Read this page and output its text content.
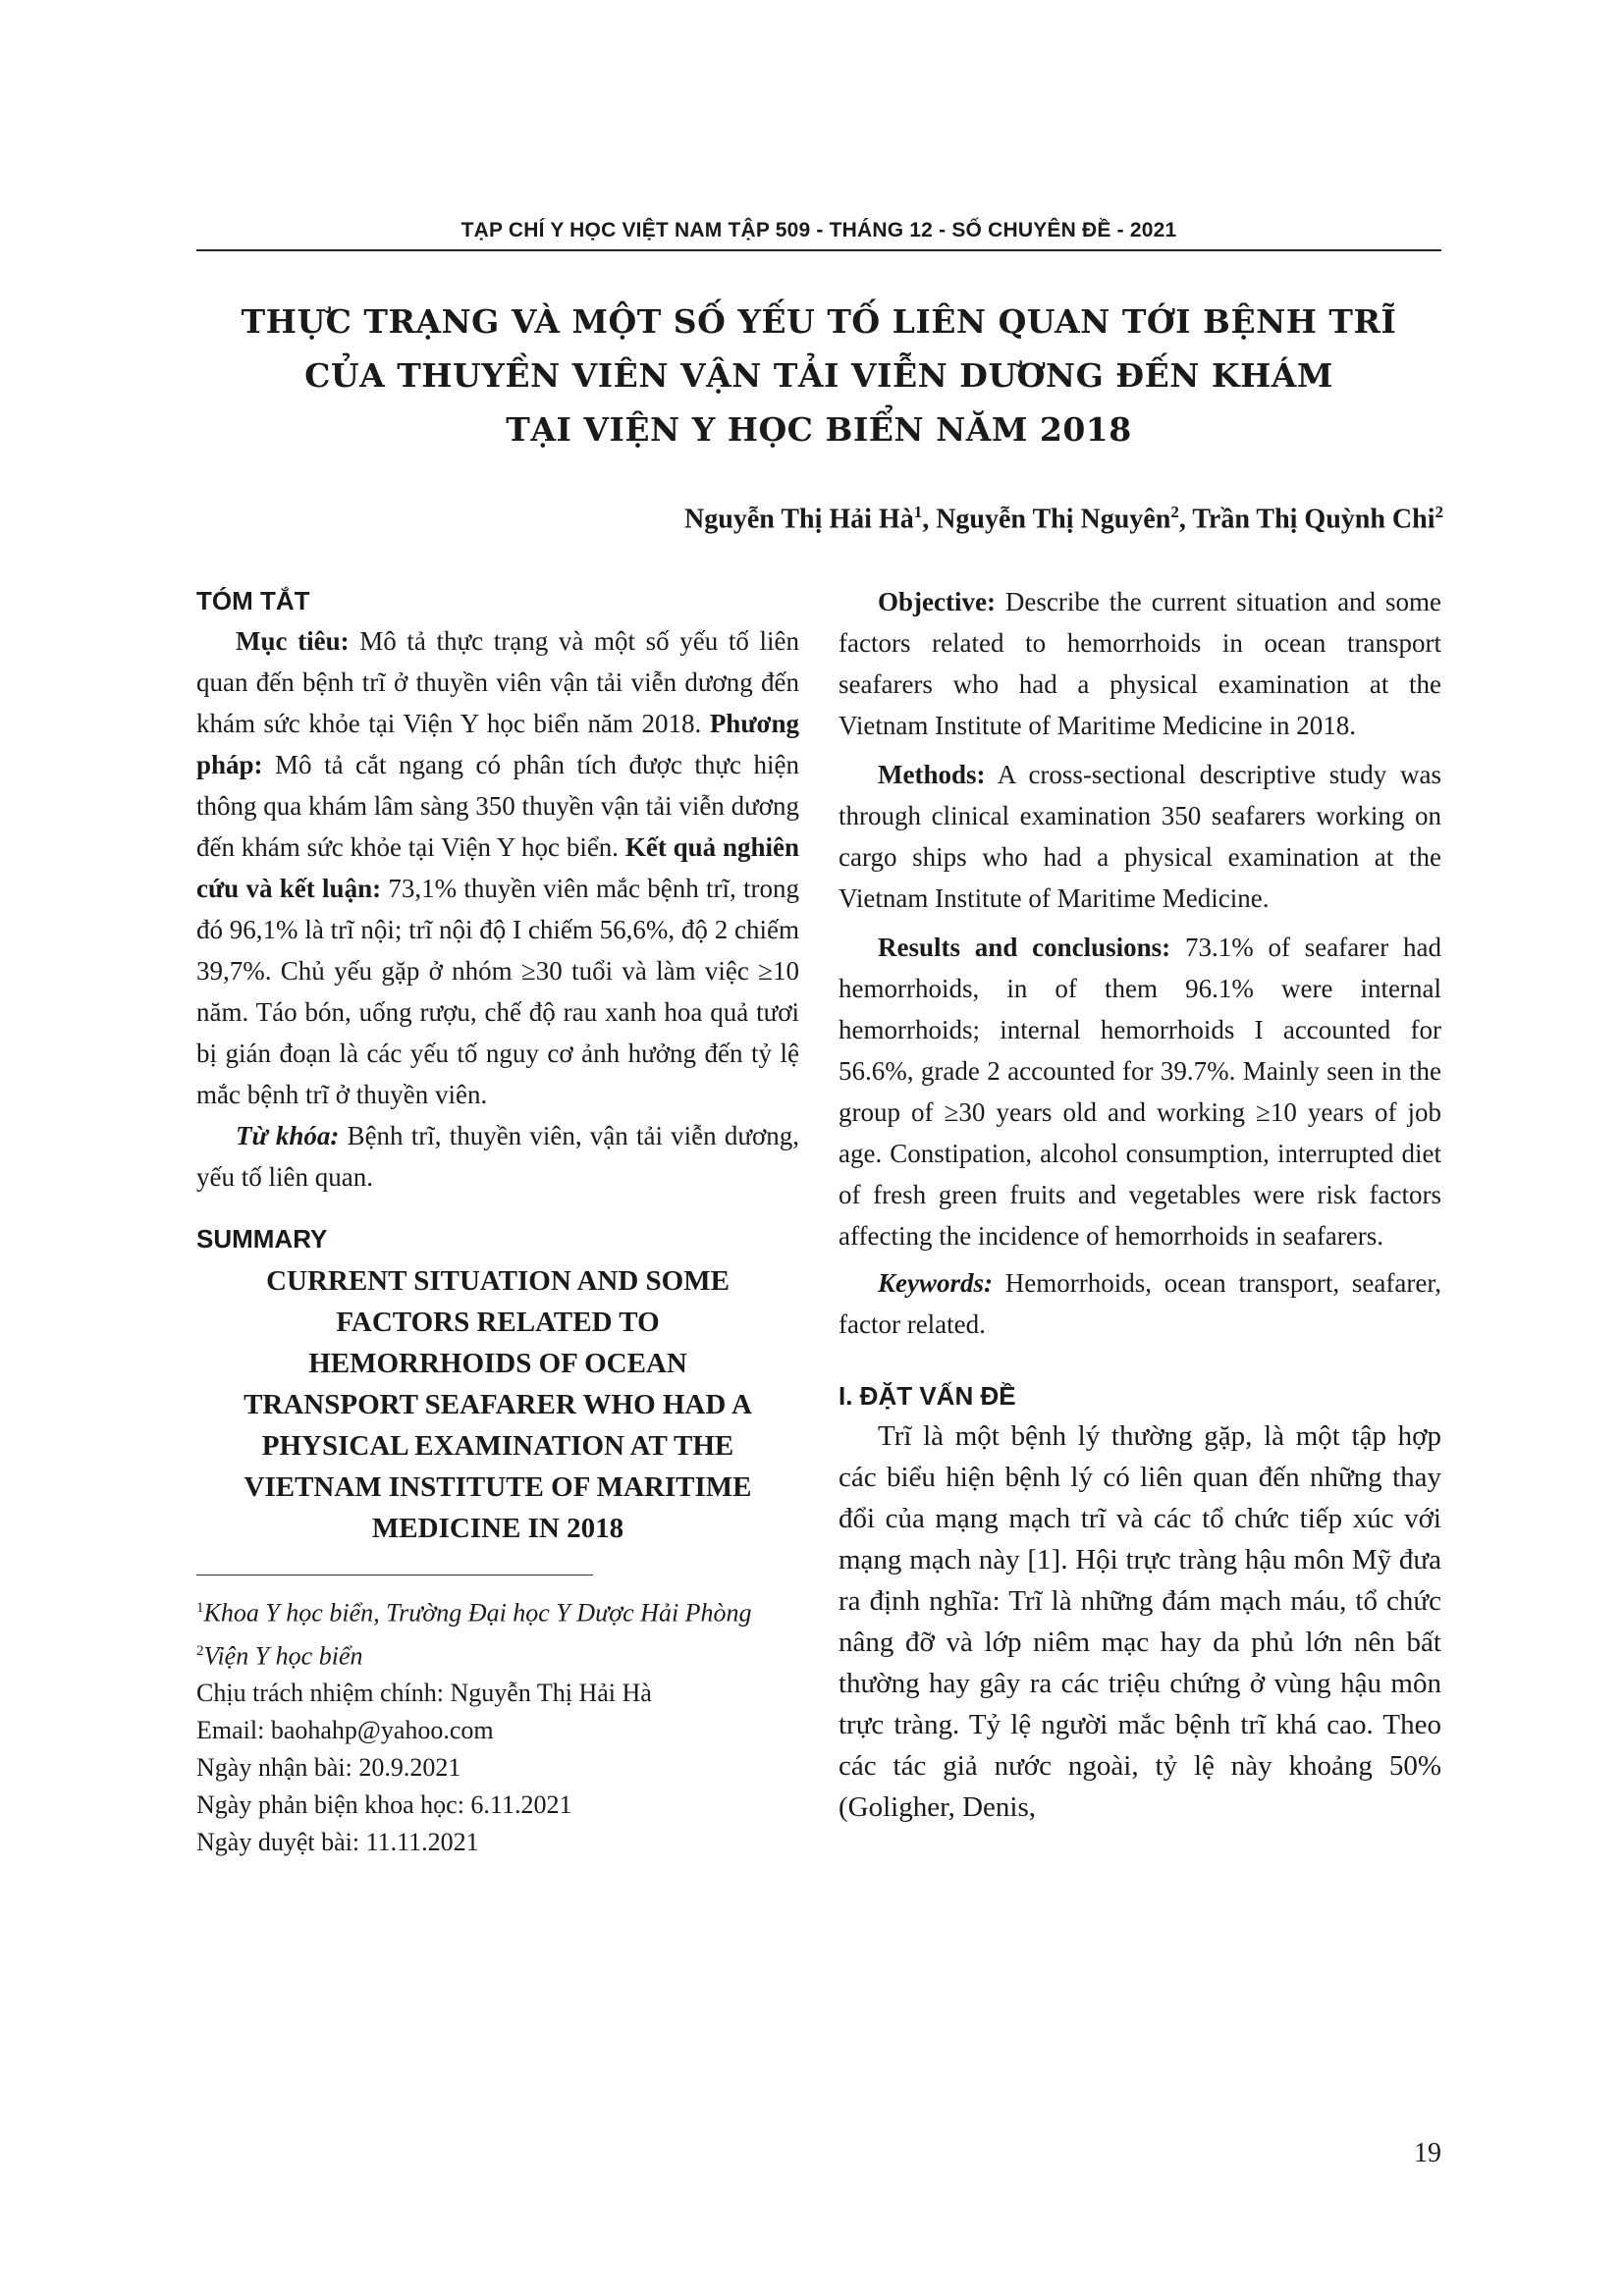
TẠP CHÍ Y HỌC VIỆT NAM TẬP 509 - THÁNG 12 - SỐ CHUYÊN ĐỀ - 2021
THỰC TRẠNG VÀ MỘT SỐ YẾU TỐ LIÊN QUAN TỚI BỆNH TRĨ
CỦA THUYỀN VIÊN VẬN TẢI VIỄN DƯƠNG ĐẾN KHÁM
TẠI VIỆN Y HỌC BIỂN NĂM 2018
Nguyễn Thị Hải $Hà^1$, Nguyễn Thị Nguyên$^2$, Trần Thị Quỳnh Chi$^2$
TÓM TẮT

Mục tiêu: Mô tả thực trạng và một số yếu tố liên quan đến bệnh trĩ ở thuyền viên vận tải viễn dương đến khám sức khỏe tại Viện Y học biển năm 2018. Phương pháp: Mô tả cắt ngang có phân tích được thực hiện thông qua khám lâm sàng 350 thuyền vận tải viễn dương đến khám sức khỏe tại Viện Y học biển. Kết quả nghiên cứu và kết luận: 73,1% thuyền viên mắc bệnh trĩ, trong đó 96,1% là trĩ nội; trĩ nội độ I chiếm 56,6%, độ 2 chiếm 39,7%. Chủ yếu gặp ở nhóm ≥30 tuổi và làm việc ≥10 năm. Táo bón, uống rượu, chế độ rau xanh hoa quả tươi bị gián đoạn là các yếu tố nguy cơ ảnh hưởng đến tỷ lệ mắc bệnh trĩ ở thuyền viên.

Từ khóa: Bệnh trĩ, thuyền viên, vận tải viễn dương, yếu tố liên quan.

SUMMARY
CURRENT SITUATION AND SOME
FACTORS RELATED TO
HEMORRHOIDS OF OCEAN
TRANSPORT SEAFARER WHO HAD A
PHYSICAL EXAMINATION AT THE
VIETNAM INSTITUTE OF MARITIME
MEDICINE IN 2018
$^1$Khoa Y học biển, Trường Đại học Y Dược Hải Phòng
$^2$Viện Y học biển
Chịu trách nhiệm chính: Nguyễn Thị Hải Hà
Email: baohahp@yahoo.com
Ngày nhận bài: 20.9.2021
Ngày phản biện khoa học: 6.11.2021
Ngày duyệt bài: 11.11.2021

Objective: Describe the current situation and some factors related to hemorrhoids in ocean transport seafarers who had a physical examination at the Vietnam Institute of Maritime Medicine in 2018.

Methods: A cross-sectional descriptive study was through clinical examination 350 seafarers working on cargo ships who had a physical examination at the Vietnam Institute of Maritime Medicine.

Results and conclusions: 73.1% of seafarer had hemorrhoids, in of them 96.1% were internal hemorrhoids; internal hemorrhoids I accounted for 56.6%, grade 2 accounted for 39.7%. Mainly seen in the group of ≥30 years old and working ≥10 years of job age. Constipation, alcohol consumption, interrupted diet of fresh green fruits and vegetables were risk factors affecting the incidence of hemorrhoids in seafarers.

Keywords: Hemorrhoids, ocean transport, seafarer, factor related.

I. ĐẶT VẤN ĐỀ

Trĩ là một bệnh lý thường gặp, là một tập hợp các biểu hiện bệnh lý có liên quan đến những thay đổi của mạng mạch trĩ và các tổ chức tiếp xúc với mạng mạch này [1]. Hội trực tràng hậu môn Mỹ đưa ra định nghĩa: Trĩ là những đám mạch máu, tổ chức nâng đỡ và lớp niêm mạc hay da phủ lớn nên bất thường hay gây ra các triệu chứng ở vùng hậu môn trực tràng. Tỷ lệ người mắc bệnh trĩ khá cao. Theo các tác giả nước ngoài, tỷ lệ này khoảng 50% (Goligher, Denis,

19
